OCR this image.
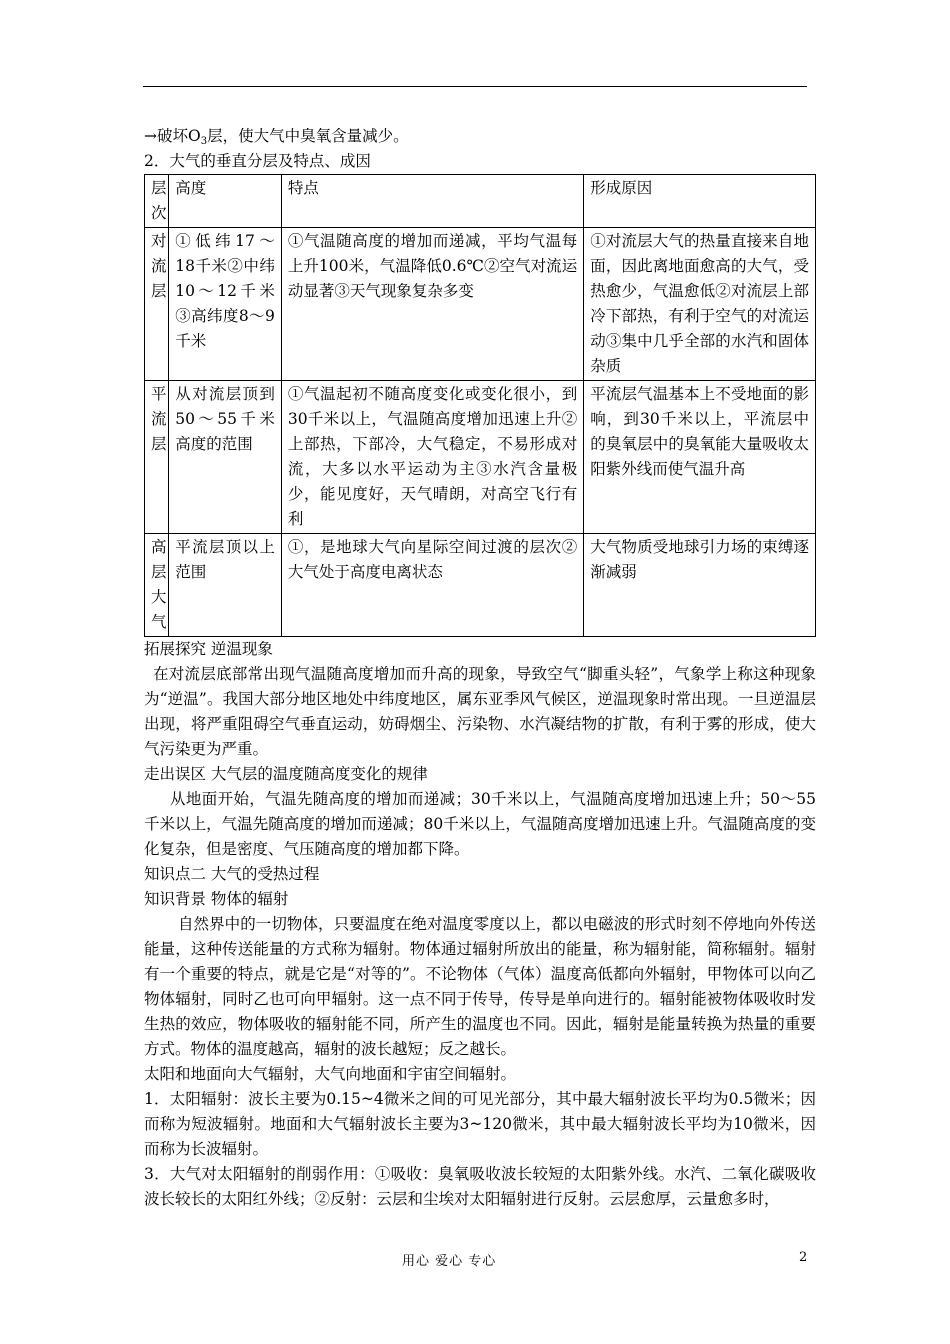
→破坏$O_3$层，使大气中臭氧含量减少。

2．大气的垂直分层及特点、成因

层次	高度	特点	形成原因
对流层	①低纬17～18千米②中纬10～12千米③高纬度8～9千米	①气温随高度的增加而递减，平均气温每上升100米，气温降低0.6℃②空气对流运动显著③天气现象复杂多变	①对流层大气的热量直接来自地面，因此离地面愈高的大气，受热愈少，气温愈低②对流层上部冷下部热，有利于空气的对流运动③集中几乎全部的水汽和固体杂质
平流层	从对流层顶到50～55千米高度的范围	①气温起初不随高度变化或变化很小，到30千米以上，气温随高度增加迅速上升②上部热，下部冷，大气稳定，不易形成对流，大多以水平运动为主③水汽含量极少，能见度好，天气晴朗，对高空飞行有利	平流层气温基本上不受地面的影响，到30千米以上，平流层中的臭氧层中的臭氧能大量吸收太阳紫外线而使气温升高
高层大气	平流层顶以上范围	①，是地球大气向星际空间过渡的层次②大气处于高度电离状态	大气物质受地球引力场的束缚逐渐减弱

拓展探究 逆温现象

在对流层底部常出现气温随高度增加而升高的现象，导致空气“脚重头轻”，气象学上称这种现象为“逆温”。我国大部分地区地处中纬度地区，属东亚季风气候区，逆温现象时常出现。一旦逆温层出现，将严重阻碍空气垂直运动，妨碍烟尘、污染物、水汽凝结物的扩散，有利于雾的形成，使大气污染更为严重。

走出误区 大气层的温度随高度变化的规律

从地面开始，气温先随高度的增加而递减；30千米以上，气温随高度增加迅速上升；50～55千米以上，气温先随高度的增加而递减；80千米以上，气温随高度增加迅速上升。气温随高度的变化复杂，但是密度、气压随高度的增加都下降。

知识点二 大气的受热过程

知识背景 物体的辐射

自然界中的一切物体，只要温度在绝对温度零度以上，都以电磁波的形式时刻不停地向外传送能量，这种传送能量的方式称为辐射。物体通过辐射所放出的能量，称为辐射能，简称辐射。辐射有一个重要的特点，就是它是“对等的”。不论物体（气体）温度高低都向外辐射，甲物体可以向乙物体辐射，同时乙也可向甲辐射。这一点不同于传导，传导是单向进行的。辐射能被物体吸收时发生热的效应，物体吸收的辐射能不同，所产生的温度也不同。因此，辐射是能量转换为热量的重要方式。物体的温度越高，辐射的波长越短；反之越长。

太阳和地面向大气辐射，大气向地面和宇宙空间辐射。

1．太阳辐射：波长主要为0.15~4微米之间的可见光部分，其中最大辐射波长平均为0.5微米；因而称为短波辐射。地面和大气辐射波长主要为3~120微米，其中最大辐射波长平均为10微米，因而称为长波辐射。

3．大气对太阳辐射的削弱作用：①吸收：臭氧吸收波长较短的太阳紫外线。水汽、二氧化碳吸收波长较长的太阳红外线；②反射：云层和尘埃对太阳辐射进行反射。云层愈厚，云量愈多时，

用心 爱心 专心	2
